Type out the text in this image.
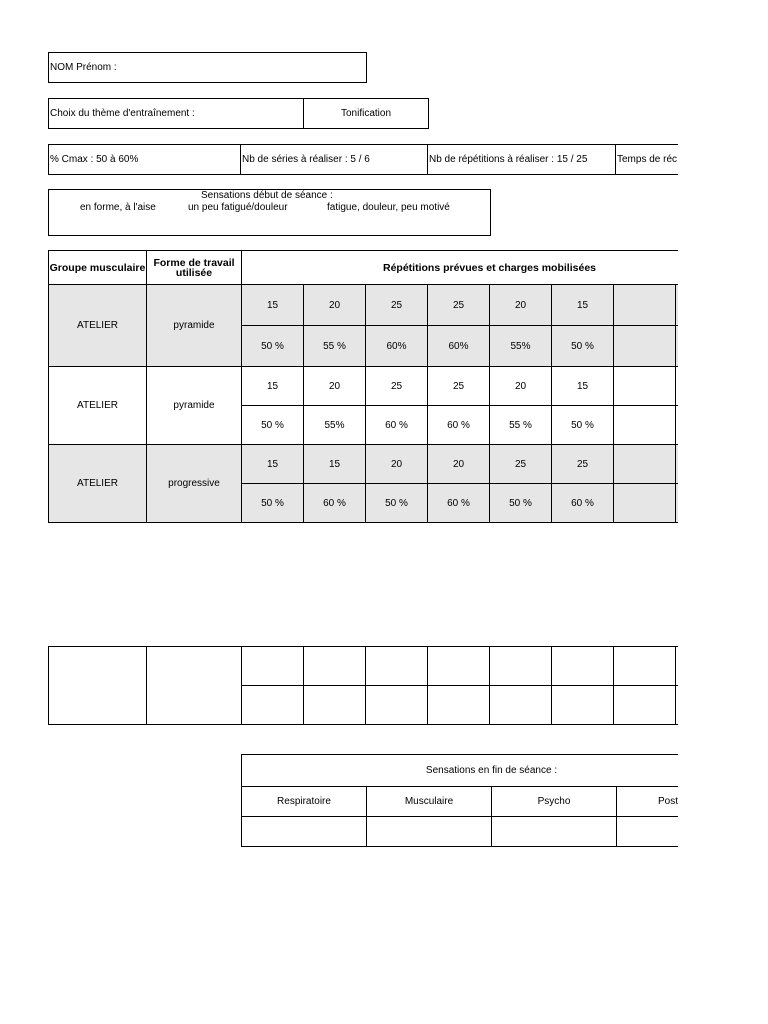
NOM Prénom :
Choix du thème d'entraînement :	Tonification
% Cmax : 50 à 60%	Nb de séries à réaliser : 5 / 6	Nb de répétitions à réaliser : 15 / 25	Temps de réc
Sensations début de séance :
en forme, à l'aise	un peu fatigué/douleur	fatigue, douleur, peu motivé
Groupe musculaire	Forme de travail utilisée	Répétitions prévues et charges mobilisées							
ATELIER	pyramide	15	20	25	25	20	15		
		50 %	55 %	60%	60%	55%	50 %		
ATELIER	pyramide	15	20	25	25	20	15		
		50 %	55%	60 %	60 %	55 %	50 %		
ATELIER	progressive	15	15	20	20	25	25		
		50 %	60 %	50 %	60 %	50 %	60 %		

Sensations en fin de séance :			
Respiratoire	Musculaire	Psycho	Post
